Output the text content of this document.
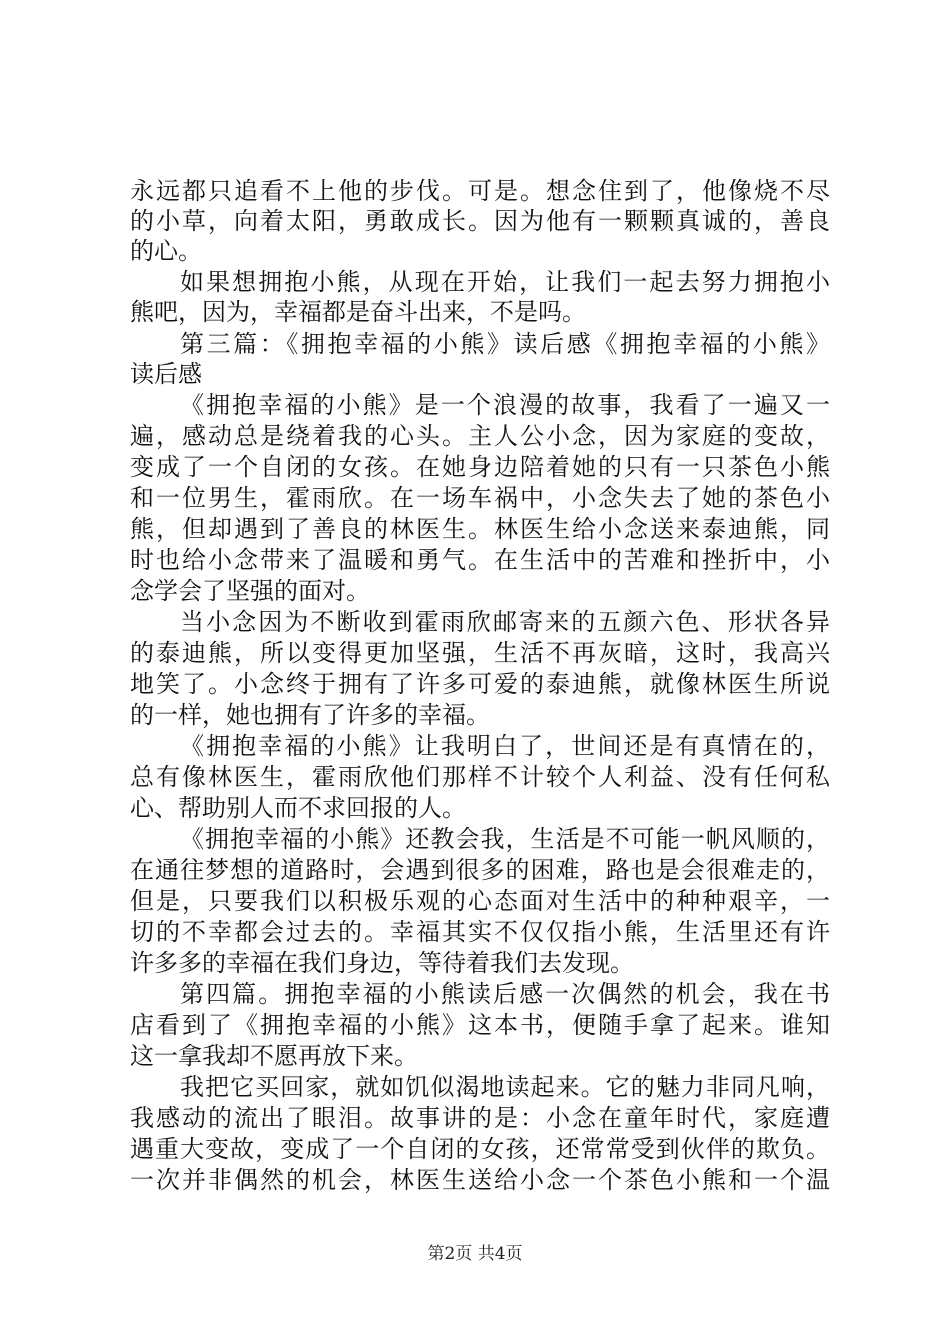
永远都只追看不上他的步伐。可是。想念住到了，他像烧不尽
的小草，向着太阳，勇敢成长。因为他有一颗颗真诚的，善良
的心。
如果想拥抱小熊，从现在开始，让我们一起去努力拥抱小
熊吧，因为，幸福都是奋斗出来，不是吗。
第三篇：《拥抱幸福的小熊》读后感《拥抱幸福的小熊》
读后感
《拥抱幸福的小熊》是一个浪漫的故事，我看了一遍又一
遍，感动总是绕着我的心头。主人公小念，因为家庭的变故，
变成了一个自闭的女孩。在她身边陪着她的只有一只茶色小熊
和一位男生，霍雨欣。在一场车祸中，小念失去了她的茶色小
熊，但却遇到了善良的林医生。林医生给小念送来泰迪熊，同
时也给小念带来了温暖和勇气。在生活中的苦难和挫折中，小
念学会了坚强的面对。
当小念因为不断收到霍雨欣邮寄来的五颜六色、形状各异
的泰迪熊，所以变得更加坚强，生活不再灰暗，这时，我高兴
地笑了。小念终于拥有了许多可爱的泰迪熊，就像林医生所说
的一样，她也拥有了许多的幸福。
《拥抱幸福的小熊》让我明白了，世间还是有真情在的，
总有像林医生，霍雨欣他们那样不计较个人利益、没有任何私
心、帮助别人而不求回报的人。
《拥抱幸福的小熊》还教会我，生活是不可能一帆风顺的，
在通往梦想的道路时，会遇到很多的困难，路也是会很难走的，
但是，只要我们以积极乐观的心态面对生活中的种种艰辛，一
切的不幸都会过去的。幸福其实不仅仅指小熊，生活里还有许
许多多的幸福在我们身边，等待着我们去发现。
第四篇。拥抱幸福的小熊读后感一次偶然的机会，我在书
店看到了《拥抱幸福的小熊》这本书，便随手拿了起来。谁知
这一拿我却不愿再放下来。
我把它买回家，就如饥似渴地读起来。它的魅力非同凡响，
我感动的流出了眼泪。故事讲的是：小念在童年时代，家庭遭
遇重大变故，变成了一个自闭的女孩，还常常受到伙伴的欺负。
一次并非偶然的机会，林医生送给小念一个茶色小熊和一个温
第2页 共4页
